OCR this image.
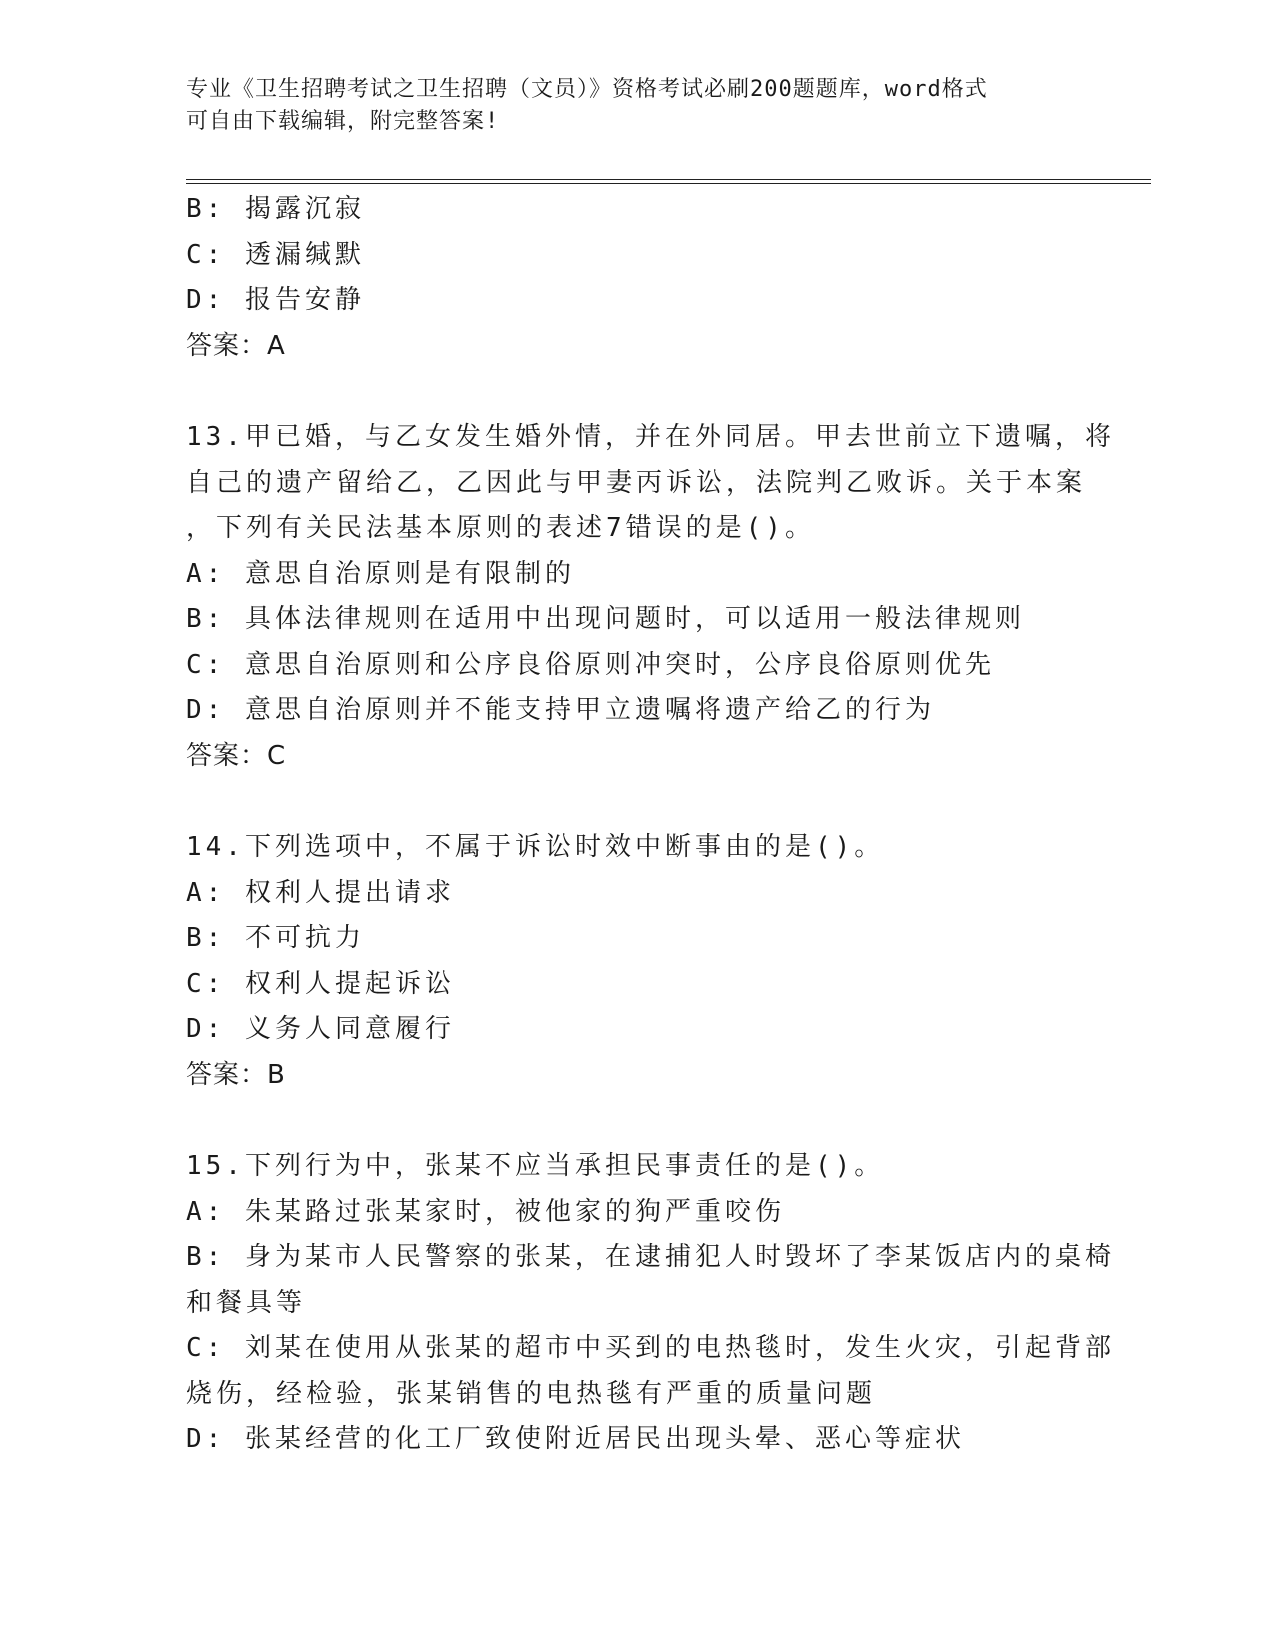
专业《卫生招聘考试之卫生招聘（文员）》资格考试必刷200题题库，word格式
可自由下载编辑，附完整答案!
B: 揭露沉寂
C: 透漏缄默
D: 报告安静
答案：A
13.甲已婚，与乙女发生婚外情，并在外同居。甲去世前立下遗嘱，将
自己的遗产留给乙，乙因此与甲妻丙诉讼，法院判乙败诉。关于本案
，下列有关民法基本原则的表述7错误的是()。
A: 意思自治原则是有限制的
B: 具体法律规则在适用中出现问题时，可以适用一般法律规则
C: 意思自治原则和公序良俗原则冲突时，公序良俗原则优先
D: 意思自治原则并不能支持甲立遗嘱将遗产给乙的行为
答案：C
14.下列选项中，不属于诉讼时效中断事由的是()。
A: 权利人提出请求
B: 不可抗力
C: 权利人提起诉讼
D: 义务人同意履行
答案：B
15.下列行为中，张某不应当承担民事责任的是()。
A: 朱某路过张某家时，被他家的狗严重咬伤
B: 身为某市人民警察的张某，在逮捕犯人时毁坏了李某饭店内的桌椅
和餐具等
C: 刘某在使用从张某的超市中买到的电热毯时，发生火灾，引起背部
烧伤，经检验，张某销售的电热毯有严重的质量问题
D: 张某经营的化工厂致使附近居民出现头晕、恶心等症状
